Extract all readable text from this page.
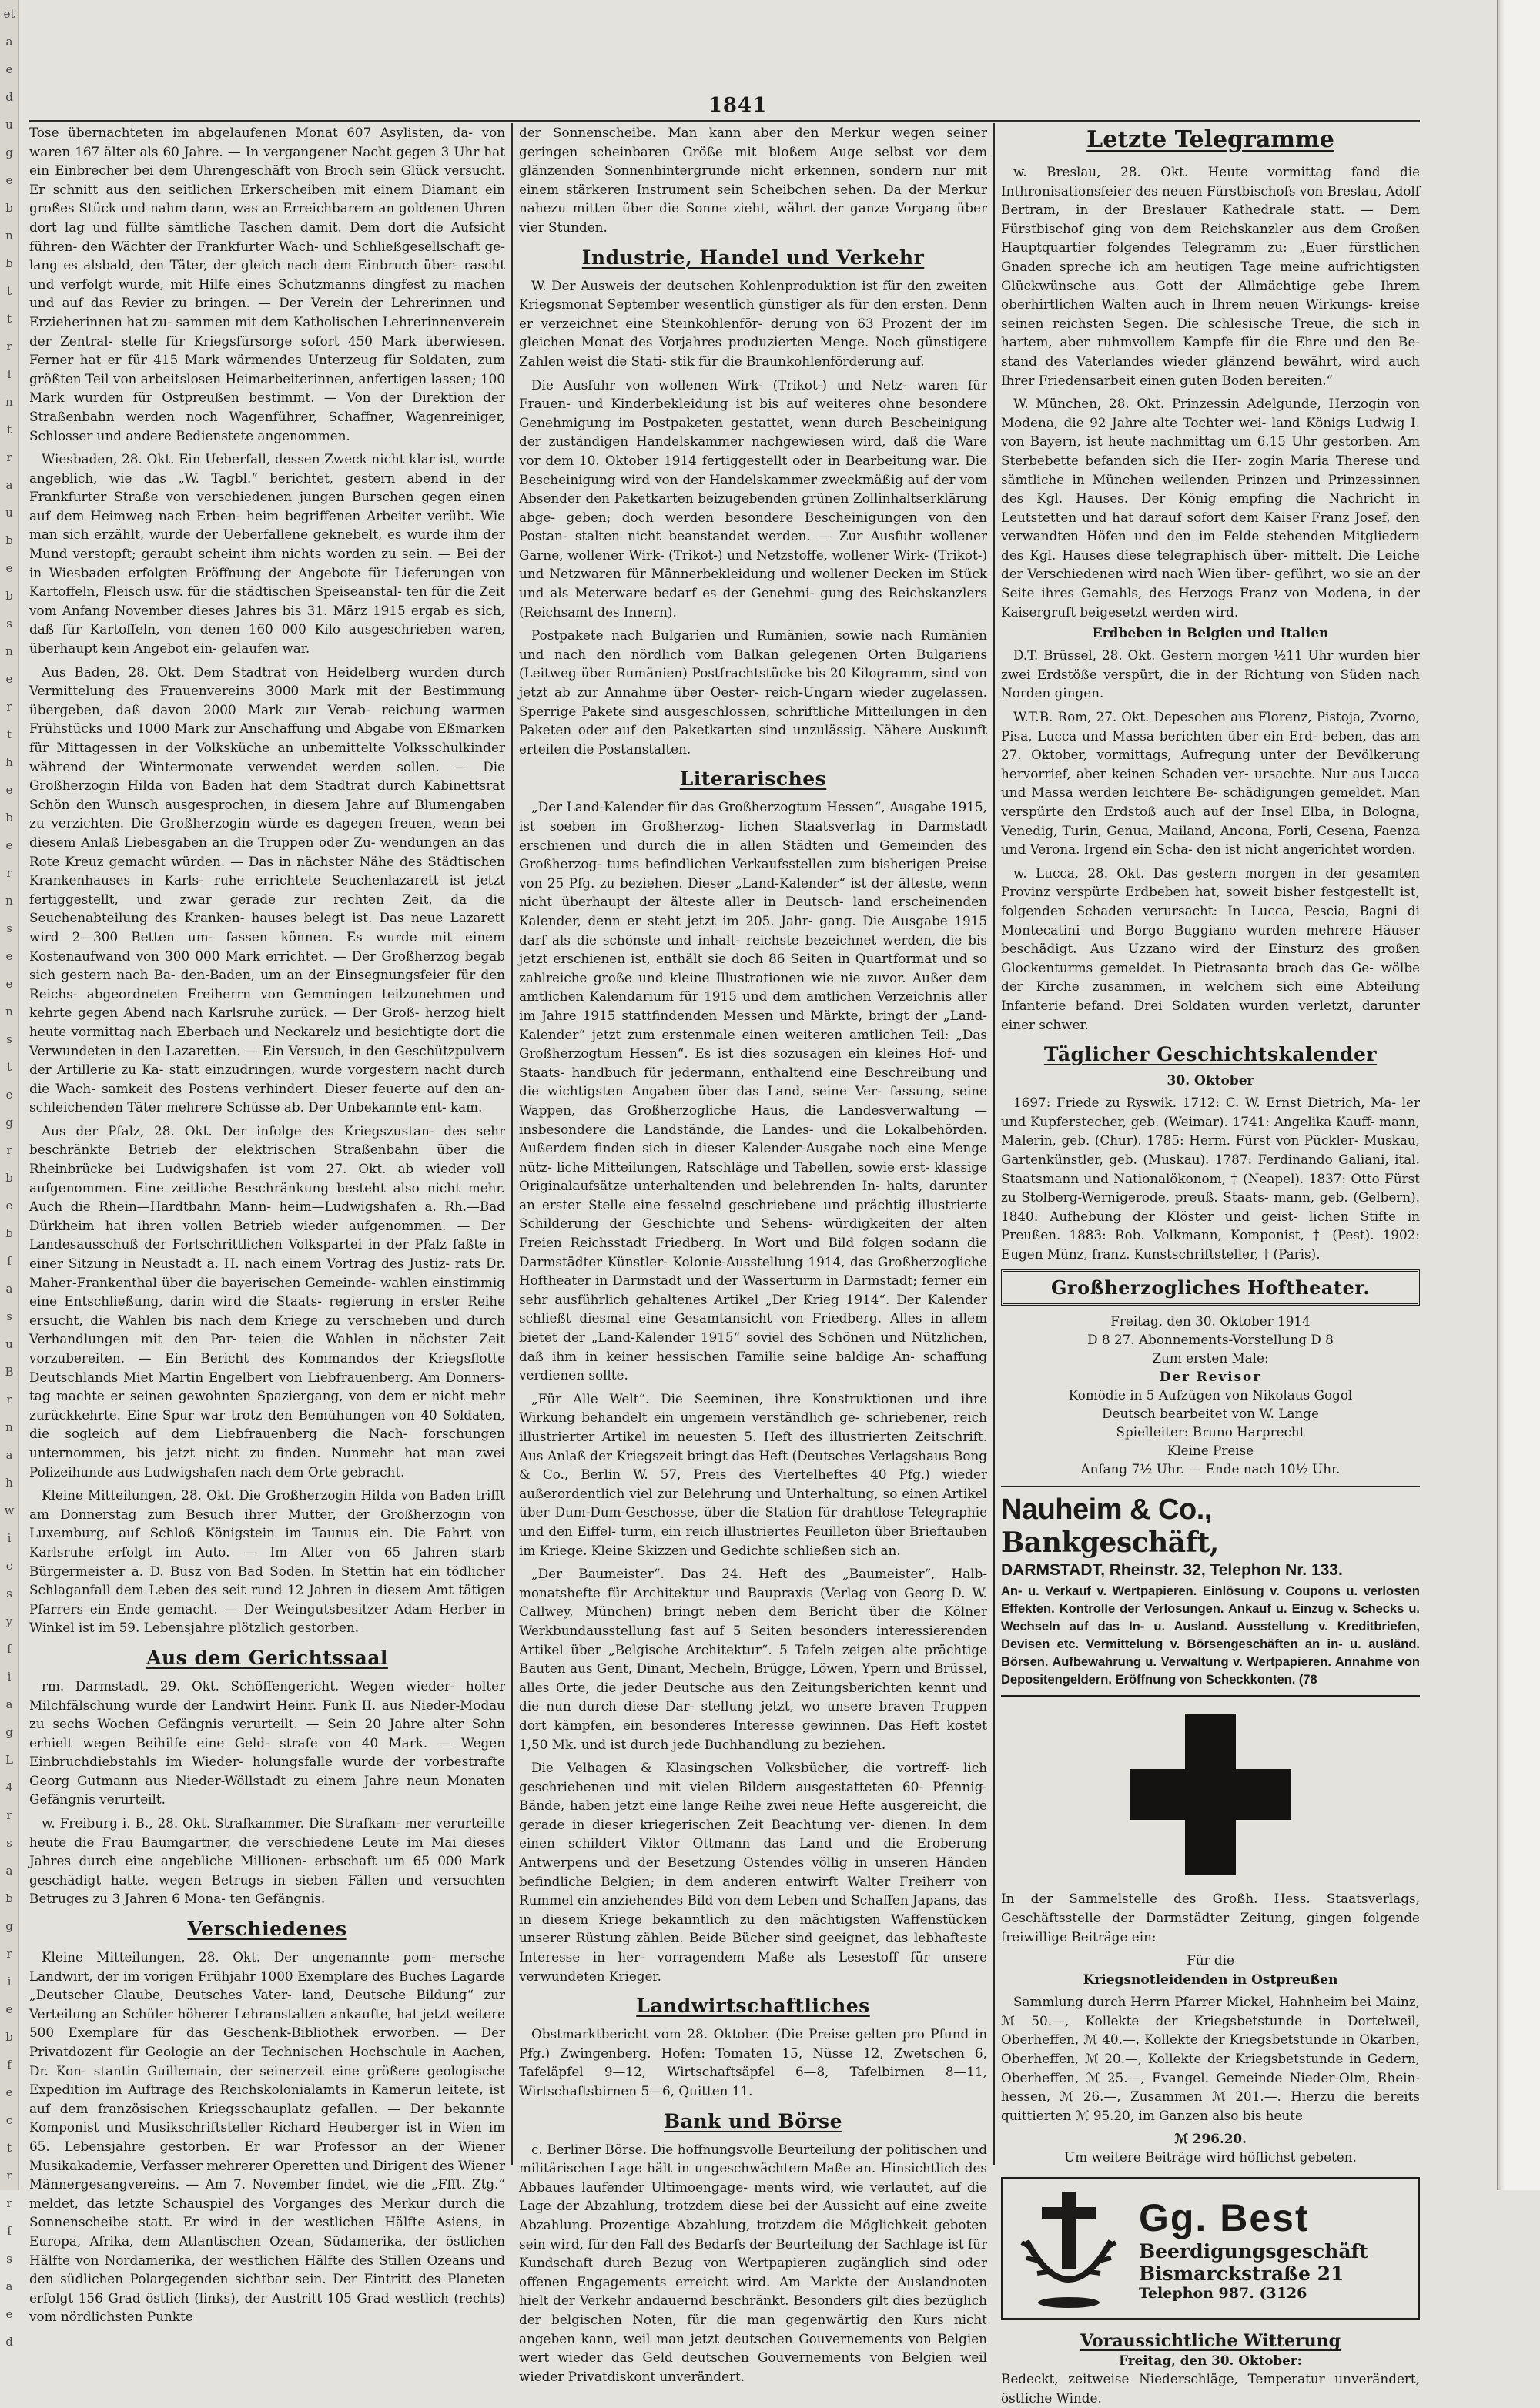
et
a
e
d
u
g
e
b
n
b
t
t
r
l
n
t
r
a
u
b
e
b
s
n
e
r
t
h
e
b
e
r
n
s
e
e
n
s
t
e
g
r
b
e
b
f
a
s
u
B
r
n
a
h
w
i
c
s
y
f
i
a
g
L
4
r
s
a
b
g
r
i
e
b
f
e
c
t
r
r
f
s
a
e
d
1841

Tose übernachteten im abgelaufenen Monat 607 Asylisten, da- von waren 167 älter als 60 Jahre. — In vergangener Nacht gegen 3 Uhr hat ein Einbrecher bei dem Uhrengeschäft von Broch sein Glück versucht. Er schnitt aus den seitlichen Erkerscheiben mit einem Diamant ein großes Stück und nahm dann, was an Erreichbarem an goldenen Uhren dort lag und füllte sämtliche Taschen damit. Dem dort die Aufsicht führen- den Wächter der Frankfurter Wach- und Schließgesellschaft ge- lang es alsbald, den Täter, der gleich nach dem Einbruch über- rascht und verfolgt wurde, mit Hilfe eines Schutzmanns dingfest zu machen und auf das Revier zu bringen. — Der Verein der Lehrerinnen und Erzieherinnen hat zu- sammen mit dem Katholischen Lehrerinnenverein der Zentral- stelle für Kriegsfürsorge sofort 450 Mark überwiesen. Ferner hat er für 415 Mark wärmendes Unterzeug für Soldaten, zum größten Teil von arbeitslosen Heimarbeiterinnen, anfertigen lassen; 100 Mark wurden für Ostpreußen bestimmt. — Von der Direktion der Straßenbahn werden noch Wagenführer, Schaffner, Wagenreiniger, Schlosser und andere Bedienstete angenommen.

Wiesbaden, 28. Okt. Ein Ueberfall, dessen Zweck nicht klar ist, wurde angeblich, wie das „W. Tagbl.“ berichtet, gestern abend in der Frankfurter Straße von verschiedenen jungen Burschen gegen einen auf dem Heimweg nach Erben- heim begriffenen Arbeiter verübt. Wie man sich erzählt, wurde der Ueberfallene geknebelt, es wurde ihm der Mund verstopft; geraubt scheint ihm nichts worden zu sein. — Bei der in Wiesbaden erfolgten Eröffnung der Angebote für Lieferungen von Kartoffeln, Fleisch usw. für die städtischen Speiseanstal- ten für die Zeit vom Anfang November dieses Jahres bis 31. März 1915 ergab es sich, daß für Kartoffeln, von denen 160 000 Kilo ausgeschrieben waren, überhaupt kein Angebot ein- gelaufen war.

Aus Baden, 28. Okt. Dem Stadtrat von Heidelberg wurden durch Vermittelung des Frauenvereins 3000 Mark mit der Bestimmung übergeben, daß davon 2000 Mark zur Verab- reichung warmen Frühstücks und 1000 Mark zur Anschaffung und Abgabe von Eßmarken für Mittagessen in der Volksküche an unbemittelte Volksschulkinder während der Wintermonate verwendet werden sollen. — Die Großherzogin Hilda von Baden hat dem Stadtrat durch Kabinettsrat Schön den Wunsch ausgesprochen, in diesem Jahre auf Blumengaben zu verzichten. Die Großherzogin würde es dagegen freuen, wenn bei diesem Anlaß Liebesgaben an die Truppen oder Zu- wendungen an das Rote Kreuz gemacht würden. — Das in nächster Nähe des Städtischen Krankenhauses in Karls- ruhe errichtete Seuchenlazarett ist jetzt fertiggestellt, und zwar gerade zur rechten Zeit, da die Seuchenabteilung des Kranken- hauses belegt ist. Das neue Lazarett wird 2—300 Betten um- fassen können. Es wurde mit einem Kostenaufwand von 300 000 Mark errichtet. — Der Großherzog begab sich gestern nach Ba- den-Baden, um an der Einsegnungsfeier für den Reichs- abgeordneten Freiherrn von Gemmingen teilzunehmen und kehrte gegen Abend nach Karlsruhe zurück. — Der Groß- herzog hielt heute vormittag nach Eberbach und Neckarelz und besichtigte dort die Verwundeten in den Lazaretten. — Ein Versuch, in den Geschützpulvern der Artillerie zu Ka- statt einzudringen, wurde vorgestern nacht durch die Wach- samkeit des Postens verhindert. Dieser feuerte auf den an- schleichenden Täter mehrere Schüsse ab. Der Unbekannte ent- kam.

Aus der Pfalz, 28. Okt. Der infolge des Kriegszustan- des sehr beschränkte Betrieb der elektrischen Straßenbahn über die Rheinbrücke bei Ludwigshafen ist vom 27. Okt. ab wieder voll aufgenommen. Eine zeitliche Beschränkung besteht also nicht mehr. Auch die Rhein—Hardtbahn Mann- heim—Ludwigshafen a. Rh.—Bad Dürkheim hat ihren vollen Betrieb wieder aufgenommen. — Der Landesausschuß der Fortschrittlichen Volkspartei in der Pfalz faßte in einer Sitzung in Neustadt a. H. nach einem Vortrag des Justiz- rats Dr. Maher-Frankenthal über die bayerischen Gemeinde- wahlen einstimmig eine Entschließung, darin wird die Staats- regierung in erster Reihe ersucht, die Wahlen bis nach dem Kriege zu verschieben und durch Verhandlungen mit den Par- teien die Wahlen in nächster Zeit vorzubereiten. — Ein Bericht des Kommandos der Kriegsflotte Deutschlands Miet Martin Engelbert von Liebfrauenberg. Am Donners- tag machte er seinen gewohnten Spaziergang, von dem er nicht mehr zurückkehrte. Eine Spur war trotz den Bemühungen von 40 Soldaten, die sogleich auf dem Liebfrauenberg die Nach- forschungen unternommen, bis jetzt nicht zu finden. Nunmehr hat man zwei Polizeihunde aus Ludwigshafen nach dem Orte gebracht.

Kleine Mitteilungen, 28. Okt. Die Großherzogin Hilda von Baden trifft am Donnerstag zum Besuch ihrer Mutter, der Großherzogin von Luxemburg, auf Schloß Königstein im Taunus ein. Die Fahrt von Karlsruhe erfolgt im Auto. — Im Alter von 65 Jahren starb Bürgermeister a. D. Busz von Bad Soden. In Stettin hat ein tödlicher Schlaganfall dem Leben des seit rund 12 Jahren in diesem Amt tätigen Pfarrers ein Ende gemacht. — Der Weingutsbesitzer Adam Herber in Winkel ist im 59. Lebensjahre plötzlich gestorben.

Aus dem Gerichtssaal

rm. Darmstadt, 29. Okt. Schöffengericht. Wegen wieder- holter Milchfälschung wurde der Landwirt Heinr. Funk II. aus Nieder-Modau zu sechs Wochen Gefängnis verurteilt. — Sein 20 Jahre alter Sohn erhielt wegen Beihilfe eine Geld- strafe von 40 Mark. — Wegen Einbruchdiebstahls im Wieder- holungsfalle wurde der vorbestrafte Georg Gutmann aus Nieder-Wöllstadt zu einem Jahre neun Monaten Gefängnis verurteilt.

w. Freiburg i. B., 28. Okt. Strafkammer. Die Strafkam- mer verurteilte heute die Frau Baumgartner, die verschiedene Leute im Mai dieses Jahres durch eine angebliche Millionen- erbschaft um 65 000 Mark geschädigt hatte, wegen Betrugs in sieben Fällen und versuchten Betruges zu 3 Jahren 6 Mona- ten Gefängnis.

Verschiedenes

Kleine Mitteilungen, 28. Okt. Der ungenannte pom- mersche Landwirt, der im vorigen Frühjahr 1000 Exemplare des Buches Lagarde „Deutscher Glaube, Deutsches Vater- land, Deutsche Bildung“ zur Verteilung an Schüler höherer Lehranstalten ankaufte, hat jetzt weitere 500 Exemplare für das Geschenk-Bibliothek erworben. — Der Privatdozent für Geologie an der Technischen Hochschule in Aachen, Dr. Kon- stantin Guillemain, der seinerzeit eine größere geologische Expedition im Auftrage des Reichskolonialamts in Kamerun leitete, ist auf dem französischen Kriegsschauplatz gefallen. — Der bekannte Komponist und Musikschriftsteller Richard Heuberger ist in Wien im 65. Lebensjahre gestorben. Er war Professor an der Wiener Musikakademie, Verfasser mehrerer Operetten und Dirigent des Wiener Männergesangvereins. — Am 7. November findet, wie die „Ffft. Ztg.“ meldet, das letzte Schauspiel des Vorganges des Merkur durch die Sonnenscheibe statt. Er wird in der westlichen Hälfte Asiens, in Europa, Afrika, dem Atlantischen Ozean, Südamerika, der östlichen Hälfte von Nordamerika, der westlichen Hälfte des Stillen Ozeans und den südlichen Polargegenden sichtbar sein. Der Eintritt des Planeten erfolgt 156 Grad östlich (links), der Austritt 105 Grad westlich (rechts) vom nördlichsten Punkte

der Sonnenscheibe. Man kann aber den Merkur wegen seiner geringen scheinbaren Größe mit bloßem Auge selbst vor dem glänzenden Sonnenhintergrunde nicht erkennen, sondern nur mit einem stärkeren Instrument sein Scheibchen sehen. Da der Merkur nahezu mitten über die Sonne zieht, währt der ganze Vorgang über vier Stunden.

Industrie, Handel und Verkehr

W. Der Ausweis der deutschen Kohlenproduktion ist für den zweiten Kriegsmonat September wesentlich günstiger als für den ersten. Denn er verzeichnet eine Steinkohlenför- derung von 63 Prozent der im gleichen Monat des Vorjahres produzierten Menge. Noch günstigere Zahlen weist die Stati- stik für die Braunkohlenförderung auf.

Die Ausfuhr von wollenen Wirk- (Trikot-) und Netz- waren für Frauen- und Kinderbekleidung ist bis auf weiteres ohne besondere Genehmigung im Postpaketen gestattet, wenn durch Bescheinigung der zuständigen Handelskammer nachgewiesen wird, daß die Ware vor dem 10. Oktober 1914 fertiggestellt oder in Bearbeitung war. Die Bescheinigung wird von der Handelskammer zweckmäßig auf der vom Absender den Paketkarten beizugebenden grünen Zollinhaltserklärung abge- geben; doch werden besondere Bescheinigungen von den Postan- stalten nicht beanstandet werden. — Zur Ausfuhr wollener Garne, wollener Wirk- (Trikot-) und Netzstoffe, wollener Wirk- (Trikot-) und Netzwaren für Männerbekleidung und wollener Decken im Stück und als Meterware bedarf es der Genehmi- gung des Reichskanzlers (Reichsamt des Innern).

Postpakete nach Bulgarien und Rumänien, sowie nach Rumänien und nach den nördlich vom Balkan gelegenen Orten Bulgariens (Leitweg über Rumänien) Postfrachtstücke bis 20 Kilogramm, sind von jetzt ab zur Annahme über Oester- reich-Ungarn wieder zugelassen. Sperrige Pakete sind ausgeschlossen, schriftliche Mitteilungen in den Paketen oder auf den Paketkarten sind unzulässig. Nähere Auskunft erteilen die Postanstalten.

Literarisches

„Der Land-Kalender für das Großherzogtum Hessen“, Ausgabe 1915, ist soeben im Großherzog- lichen Staatsverlag in Darmstadt erschienen und durch die in allen Städten und Gemeinden des Großherzog- tums befindlichen Verkaufsstellen zum bisherigen Preise von 25 Pfg. zu beziehen. Dieser „Land-Kalender“ ist der älteste, wenn nicht überhaupt der älteste aller in Deutsch- land erscheinenden Kalender, denn er steht jetzt im 205. Jahr- gang. Die Ausgabe 1915 darf als die schönste und inhalt- reichste bezeichnet werden, die bis jetzt erschienen ist, enthält sie doch 86 Seiten in Quartformat und so zahlreiche große und kleine Illustrationen wie nie zuvor. Außer dem amtlichen Kalendarium für 1915 und dem amtlichen Verzeichnis aller im Jahre 1915 stattfindenden Messen und Märkte, bringt der „Land-Kalender“ jetzt zum erstenmale einen weiteren amtlichen Teil: „Das Großherzogtum Hessen“. Es ist dies sozusagen ein kleines Hof- und Staats- handbuch für jedermann, enthaltend eine Beschreibung und die wichtigsten Angaben über das Land, seine Ver- fassung, seine Wappen, das Großherzogliche Haus, die Landesverwaltung — insbesondere die Landstände, die Landes- und die Lokalbehörden. Außerdem finden sich in dieser Kalender-Ausgabe noch eine Menge nütz- liche Mitteilungen, Ratschläge und Tabellen, sowie erst- klassige Originalaufsätze unterhaltenden und belehrenden In- halts, darunter an erster Stelle eine fesselnd geschriebene und prächtig illustrierte Schilderung der Geschichte und Sehens- würdigkeiten der alten Freien Reichsstadt Friedberg. In Wort und Bild folgen sodann die Darmstädter Künstler- Kolonie-Ausstellung 1914, das Großherzogliche Hoftheater in Darmstadt und der Wasserturm in Darmstadt; ferner ein sehr ausführlich gehaltenes Artikel „Der Krieg 1914“. Der Kalender schließt diesmal eine Gesamtansicht von Friedberg. Alles in allem bietet der „Land-Kalender 1915“ soviel des Schönen und Nützlichen, daß ihm in keiner hessischen Familie seine baldige An- schaffung verdienen sollte.

„Für Alle Welt“. Die Seeminen, ihre Konstruktionen und ihre Wirkung behandelt ein ungemein verständlich ge- schriebener, reich illustrierter Artikel im neuesten 5. Heft des illustrierten Zeitschrift. Aus Anlaß der Kriegszeit bringt das Heft (Deutsches Verlagshaus Bong & Co., Berlin W. 57, Preis des Viertelheftes 40 Pfg.) wieder außerordentlich viel zur Belehrung und Unterhaltung, so einen Artikel über Dum-Dum-Geschosse, über die Station für drahtlose Telegraphie und den Eiffel- turm, ein reich illustriertes Feuilleton über Brieftauben im Kriege. Kleine Skizzen und Gedichte schließen sich an.

„Der Baumeister“. Das 24. Heft des „Baumeister“, Halb- monatshefte für Architektur und Baupraxis (Verlag von Georg D. W. Callwey, München) bringt neben dem Bericht über die Kölner Werkbundausstellung fast auf 5 Seiten besonders interessierenden Artikel über „Belgische Architektur“. 5 Tafeln zeigen alte prächtige Bauten aus Gent, Dinant, Mecheln, Brügge, Löwen, Ypern und Brüssel, alles Orte, die jeder Deutsche aus den Zeitungsberichten kennt und die nun durch diese Dar- stellung jetzt, wo unsere braven Truppen dort kämpfen, ein besonderes Interesse gewinnen. Das Heft kostet 1,50 Mk. und ist durch jede Buchhandlung zu beziehen.

Die Velhagen & Klasingschen Volksbücher, die vortreff- lich geschriebenen und mit vielen Bildern ausgestatteten 60- Pfennig-Bände, haben jetzt eine lange Reihe zwei neue Hefte ausgereicht, die gerade in dieser kriegerischen Zeit Beachtung ver- dienen. In dem einen schildert Viktor Ottmann das Land und die Eroberung Antwerpens und der Besetzung Ostendes völlig in unseren Händen befindliche Belgien; in dem anderen entwirft Walter Freiherr von Rummel ein anziehendes Bild von dem Leben und Schaffen Japans, das in diesem Kriege bekanntlich zu den mächtigsten Waffenstücken unserer Rüstung zählen. Beide Bücher sind geeignet, das lebhafteste Interesse in her- vorragendem Maße als Lesestoff für unsere verwundeten Krieger.

Landwirtschaftliches

Obstmarktbericht vom 28. Oktober. (Die Preise gelten pro Pfund in Pfg.) Zwingenberg. Hofen: Tomaten 15, Nüsse 12, Zwetschen 6, Tafeläpfel 9—12, Wirtschaftsäpfel 6—8, Tafelbirnen 8—11, Wirtschaftsbirnen 5—6, Quitten 11.

Bank und Börse

c. Berliner Börse. Die hoffnungsvolle Beurteilung der politischen und militärischen Lage hält in ungeschwächtem Maße an. Hinsichtlich des Abbaues laufender Ultimoengage- ments wird, wie verlautet, auf die Lage der Abzahlung, trotzdem diese bei der Aussicht auf eine zweite Abzahlung. Prozentige Abzahlung, trotzdem die Möglichkeit geboten sein wird, für den Fall des Bedarfs der Beurteilung der Sachlage ist für Kundschaft durch Bezug von Wertpapieren zugänglich sind oder offenen Engagements erreicht wird. Am Markte der Auslandnoten hielt der Verkehr andauernd beschränkt. Besonders gilt dies bezüglich der belgischen Noten, für die man gegenwärtig den Kurs nicht angeben kann, weil man jetzt deutschen Gouvernements von Belgien wert wieder das Geld deutschen Gouvernements von Belgien weil wieder Privatdiskont unverändert.

Letzte Telegramme

w. Breslau, 28. Okt. Heute vormittag fand die Inthronisationsfeier des neuen Fürstbischofs von Breslau, Adolf Bertram, in der Breslauer Kathedrale statt. — Dem Fürstbischof ging von dem Reichskanzler aus dem Großen Hauptquartier folgendes Telegramm zu: „Euer fürstlichen Gnaden spreche ich am heutigen Tage meine aufrichtigsten Glückwünsche aus. Gott der Allmächtige gebe Ihrem oberhirtlichen Walten auch in Ihrem neuen Wirkungs- kreise seinen reichsten Segen. Die schlesische Treue, die sich in hartem, aber ruhmvollem Kampfe für die Ehre und den Be- stand des Vaterlandes wieder glänzend bewährt, wird auch Ihrer Friedensarbeit einen guten Boden bereiten.“

W. München, 28. Okt. Prinzessin Adelgunde, Herzogin von Modena, die 92 Jahre alte Tochter wei- land Königs Ludwig I. von Bayern, ist heute nachmittag um 6.15 Uhr gestorben. Am Sterbebette befanden sich die Her- zogin Maria Therese und sämtliche in München weilenden Prinzen und Prinzessinnen des Kgl. Hauses. Der König empfing die Nachricht in Leutstetten und hat darauf sofort dem Kaiser Franz Josef, den verwandten Höfen und den im Felde stehenden Mitgliedern des Kgl. Hauses diese telegraphisch über- mittelt. Die Leiche der Verschiedenen wird nach Wien über- geführt, wo sie an der Seite ihres Gemahls, des Herzogs Franz von Modena, in der Kaisergruft beigesetzt werden wird.

Erdbeben in Belgien und Italien

D.T. Brüssel, 28. Okt. Gestern morgen ½11 Uhr wurden hier zwei Erdstöße verspürt, die in der Richtung von Süden nach Norden gingen.

W.T.B. Rom, 27. Okt. Depeschen aus Florenz, Pistoja, Zvorno, Pisa, Lucca und Massa berichten über ein Erd- beben, das am 27. Oktober, vormittags, Aufregung unter der Bevölkerung hervorrief, aber keinen Schaden ver- ursachte. Nur aus Lucca und Massa werden leichtere Be- schädigungen gemeldet. Man verspürte den Erdstoß auch auf der Insel Elba, in Bologna, Venedig, Turin, Genua, Mailand, Ancona, Forli, Cesena, Faenza und Verona. Irgend ein Scha- den ist nicht angerichtet worden.

w. Lucca, 28. Okt. Das gestern morgen in der gesamten Provinz verspürte Erdbeben hat, soweit bisher festgestellt ist, folgenden Schaden verursacht: In Lucca, Pescia, Bagni di Montecatini und Borgo Buggiano wurden mehrere Häuser beschädigt. Aus Uzzano wird der Einsturz des großen Glockenturms gemeldet. In Pietrasanta brach das Ge- wölbe der Kirche zusammen, in welchem sich eine Abteilung Infanterie befand. Drei Soldaten wurden verletzt, darunter einer schwer.

Täglicher Geschichtskalender
30. Oktober

1697: Friede zu Ryswik. 1712: C. W. Ernst Dietrich, Ma- ler und Kupferstecher, geb. (Weimar). 1741: Angelika Kauff- mann, Malerin, geb. (Chur). 1785: Herm. Fürst von Pückler- Muskau, Gartenkünstler, geb. (Muskau). 1787: Ferdinando Galiani, ital. Staatsmann und Nationalökonom, † (Neapel). 1837: Otto Fürst zu Stolberg-Wernigerode, preuß. Staats- mann, geb. (Gelbern). 1840: Aufhebung der Klöster und geist- lichen Stifte in Preußen. 1883: Rob. Volkmann, Komponist, † (Pest). 1902: Eugen Münz, franz. Kunstschriftsteller, † (Paris).

Großherzogliches Hoftheater.
Freitag, den 30. Oktober 1914
D 8 27. Abonnements-Vorstellung D 8
Zum ersten Male:
Der Revisor
Komödie in 5 Aufzügen von Nikolaus Gogol
Deutsch bearbeitet von W. Lange
Spielleiter: Bruno Harprecht
Kleine Preise
Anfang 7½ Uhr. — Ende nach 10½ Uhr.
Nauheim & Co., Bankgeschäft,
DARMSTADT, Rheinstr. 32, Telephon Nr. 133.
An- u. Verkauf v. Wertpapieren. Einlösung v. Coupons u. verlosten Effekten. Kontrolle der Verlosungen. Ankauf u. Einzug v. Schecks u. Wechseln auf das In- u. Ausland. Ausstellung v. Kreditbriefen, Devisen etc. Vermittelung v. Börsengeschäften an in- u. ausländ. Börsen. Aufbewahrung u. Verwaltung v. Wertpapieren. Annahme von Depositengeldern. Eröffnung von Scheckkonten. (78

In der Sammelstelle des Großh. Hess. Staatsverlags, Geschäftsstelle der Darmstädter Zeitung, gingen folgende freiwillige Beiträge ein:

Für die
Kriegsnotleidenden in Ostpreußen

Sammlung durch Herrn Pfarrer Mickel, Hahnheim bei Mainz, ℳ 50.—, Kollekte der Kriegsbetstunde in Dortelweil, Oberheffen, ℳ 40.—, Kollekte der Kriegsbetstunde in Okarben, Oberheffen, ℳ 20.—, Kollekte der Kriegsbetstunde in Gedern, Oberheffen, ℳ 25.—, Evangel. Gemeinde Nieder-Olm, Rhein- hessen, ℳ 26.—, Zusammen ℳ 201.—. Hierzu die bereits quittierten ℳ 95.20, im Ganzen also bis heute

ℳ 296.20.
Um weitere Beiträge wird höflichst gebeten.
Gg. Best
Beerdigungsgeschäft
Bismarckstraße 21
Telephon 987. (3126
Voraussichtliche Witterung
Freitag, den 30. Oktober:

Bedeckt, zeitweise Niederschläge, Temperatur unverändert, östliche Winde.
